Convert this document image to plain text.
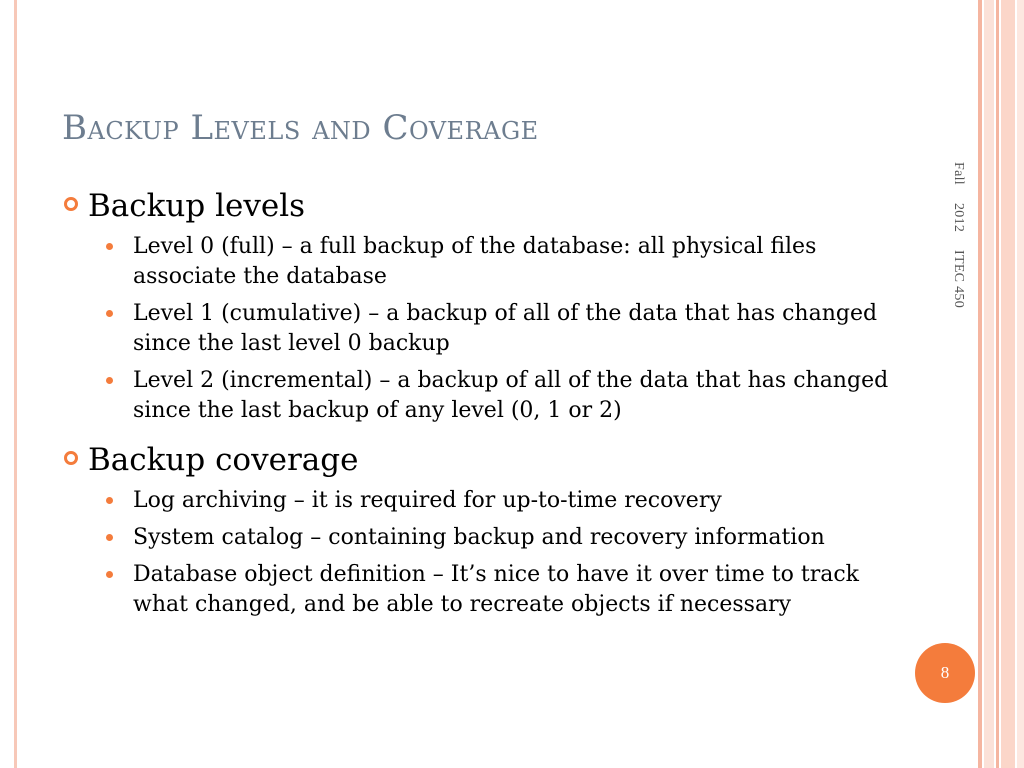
Backup Levels and Coverage
Backup levels
Level 0 (full) – a full backup of the database: all physical files associate the database
Level 1 (cumulative) – a backup of all of the data that has changed since the last level 0 backup
Level 2 (incremental) – a backup of all of the data that has changed since the last backup of any level (0, 1 or 2)
Backup coverage
Log archiving – it is required for up-to-time recovery
System catalog – containing backup and recovery information
Database object definition – It’s nice to have it over time to track what changed, and be able to recreate objects if necessary
Fall2012ITEC 450
8
